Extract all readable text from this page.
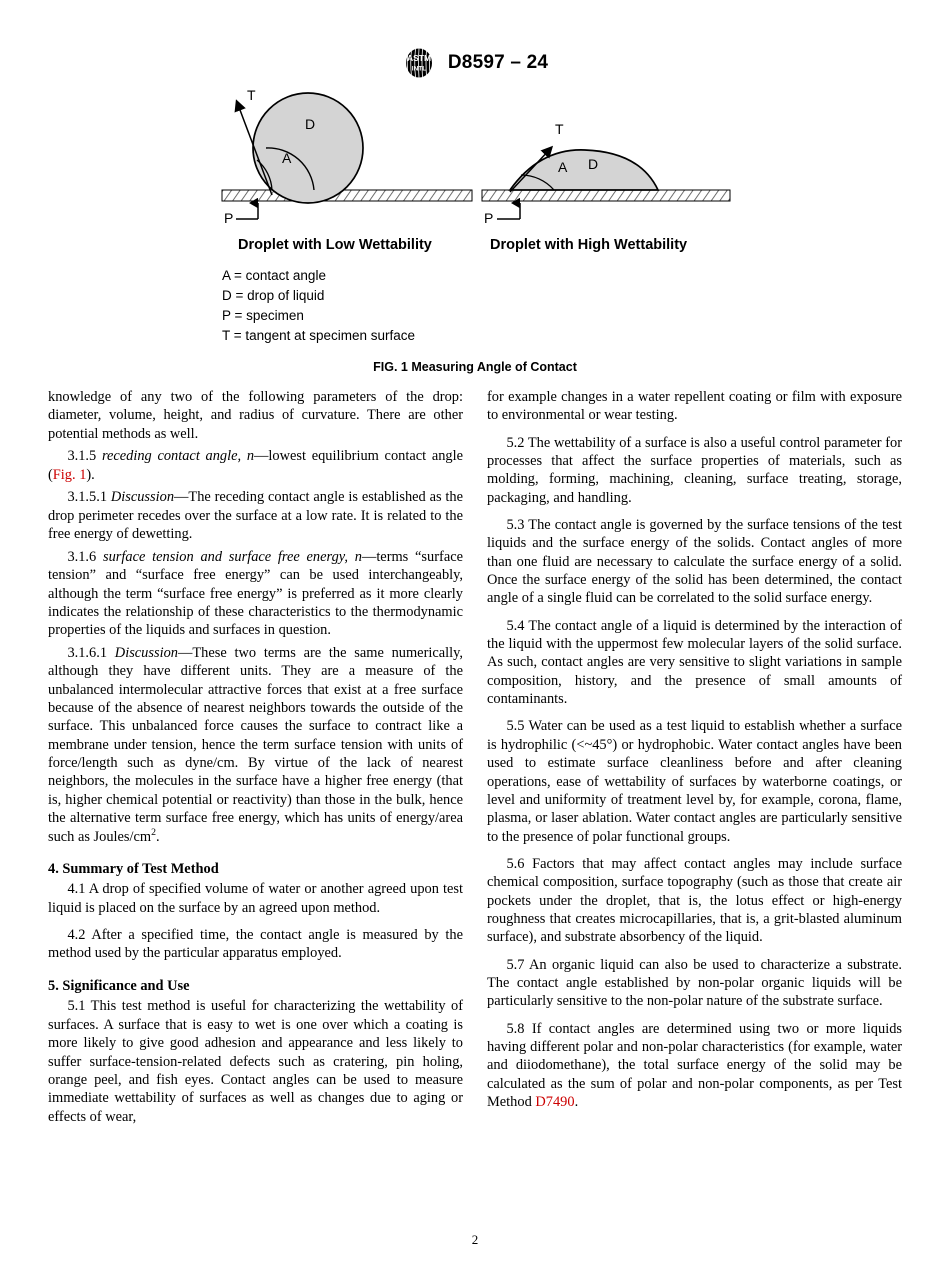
ASTM
INTL D8597 – 24
T
D
A
P
T
A D
P
Droplet with Low Wettability	Droplet with High Wettability
A = contact angle
D = drop of liquid
P = specimen
T = tangent at specimen surface
FIG. 1 Measuring Angle of Contact

knowledge of any two of the following parameters of the drop: diameter, volume, height, and radius of curvature. There are other potential methods as well.

3.1.5 receding contact angle, n—lowest equilibrium contact angle (Fig. 1).

3.1.5.1 Discussion—The receding contact angle is established as the drop perimeter recedes over the surface at a low rate. It is related to the free energy of dewetting.

3.1.6 surface tension and surface free energy, n—terms “surface tension” and “surface free energy” can be used interchangeably, although the term “surface free energy” is preferred as it more clearly indicates the relationship of these characteristics to the thermodynamic properties of the liquids and surfaces in question.

3.1.6.1 Discussion—These two terms are the same numerically, although they have different units. They are a measure of the unbalanced intermolecular attractive forces that exist at a free surface because of the absence of nearest neighbors towards the outside of the surface. This unbalanced force causes the surface to contract like a membrane under tension, hence the term surface tension with units of force/length such as dyne/cm. By virtue of the lack of nearest neighbors, the molecules in the surface have a higher free energy (that is, higher chemical potential or reactivity) than those in the bulk, hence the alternative term surface free energy, which has units of energy/area such as Joules/$cm^2$.

4. Summary of Test Method

4.1 A drop of specified volume of water or another agreed upon test liquid is placed on the surface by an agreed upon method.

4.2 After a specified time, the contact angle is measured by the method used by the particular apparatus employed.

5. Significance and Use

5.1 This test method is useful for characterizing the wettability of surfaces. A surface that is easy to wet is one over which a coating is more likely to give good adhesion and appearance and less likely to suffer surface-tension-related defects such as cratering, pin holing, orange peel, and fish eyes. Contact angles can be used to measure immediate wettability of surfaces as well as changes due to aging or effects of wear,

for example changes in a water repellent coating or film with exposure to environmental or wear testing.

5.2 The wettability of a surface is also a useful control parameter for processes that affect the surface properties of materials, such as molding, forming, machining, cleaning, surface treating, storage, packaging, and handling.

5.3 The contact angle is governed by the surface tensions of the test liquids and the surface energy of the solids. Contact angles of more than one fluid are necessary to calculate the surface energy of a solid. Once the surface energy of the solid has been determined, the contact angle of a single fluid can be correlated to the solid surface energy.

5.4 The contact angle of a liquid is determined by the interaction of the liquid with the uppermost few molecular layers of the solid surface. As such, contact angles are very sensitive to slight variations in sample composition, history, and the presence of small amounts of contaminants.

5.5 Water can be used as a test liquid to establish whether a surface is hydrophilic (<~45°) or hydrophobic. Water contact angles have been used to estimate surface cleanliness before and after cleaning operations, ease of wettability of surfaces by waterborne coatings, or level and uniformity of treatment level by, for example, corona, flame, plasma, or laser ablation. Water contact angles are particularly sensitive to the presence of polar functional groups.

5.6 Factors that may affect contact angles may include surface chemical composition, surface topography (such as those that create air pockets under the droplet, that is, the lotus effect or high-energy roughness that creates microcapillaries, that is, a grit-blasted aluminum surface), and substrate absorbency of the liquid.

5.7 An organic liquid can also be used to characterize a substrate. The contact angle established by non-polar organic liquids will be particularly sensitive to the non-polar nature of the substrate surface.

5.8 If contact angles are determined using two or more liquids having different polar and non-polar characteristics (for example, water and diiodomethane), the total surface energy of the solid may be calculated as the sum of polar and non-polar components, as per Test Method D7490.

2
